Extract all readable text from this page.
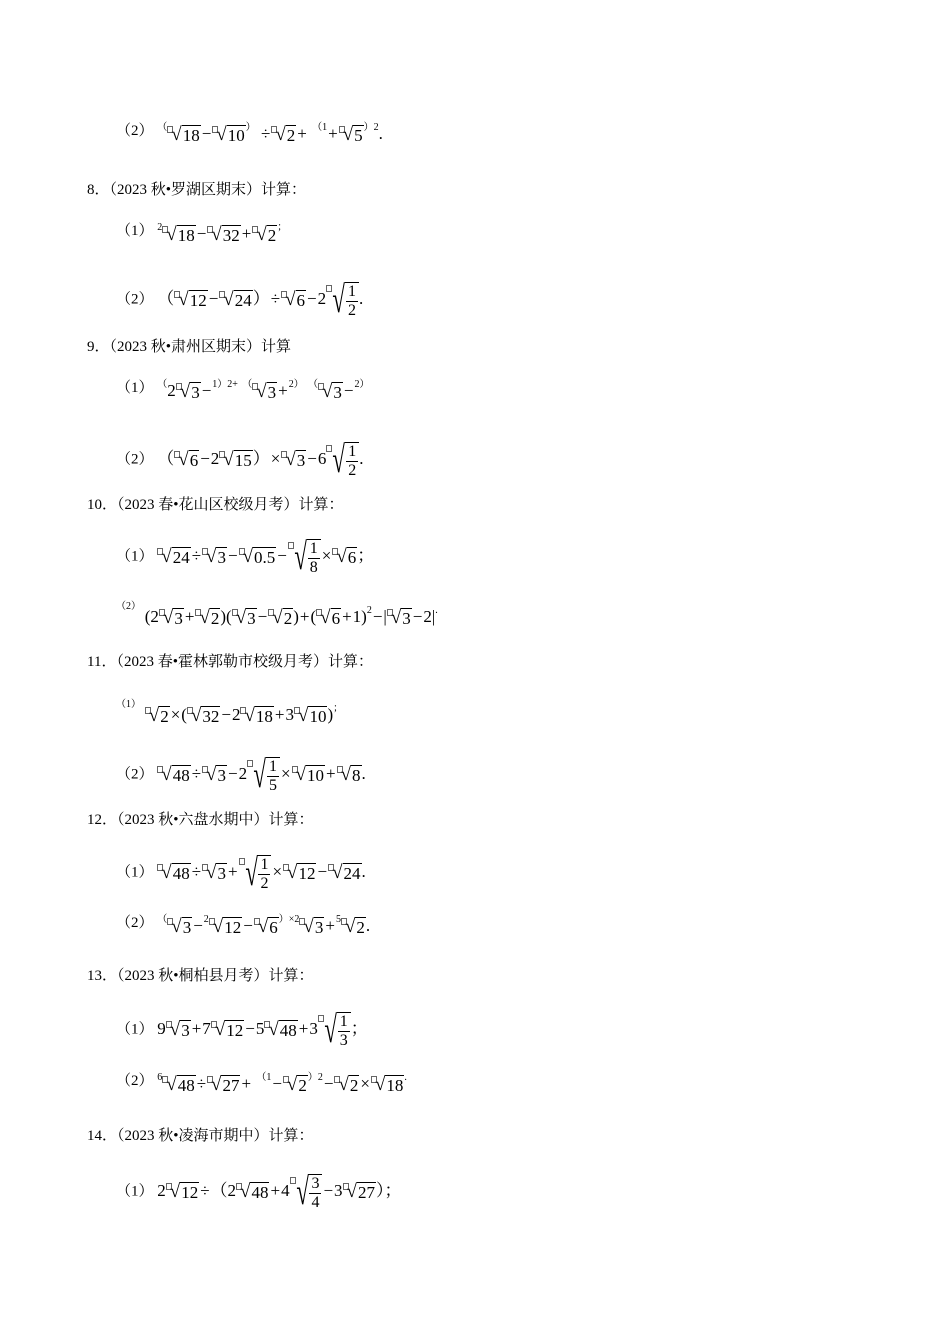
（2） （ √ 18 − √ 10 ） ÷ √ 2 + $^{(1}$+ √ 5 $^{)2}$.
8．（2023 秋•罗湖区期末）计算：
（1） $^2$ √ 18 − √ 32 + √ 2 ；
（2） （ √ 12 − √ 24 ）÷ √ 6 −2 √ $\frac{1}{2}$ .
9．（2023 秋•肃州区期末）计算
（1） （2 √ 3 −$^{1)2+}$ （ √ 3 +$^{2)}$ （ √ 3 −$^{2)}$
（2） （ √ 6 −2 √ 15 ）× √ 3 −6 √ $\frac{1}{2}$ .
10．（2023 春•花山区校级月考）计算：
（1） √ 24 ÷ √ 3 − √ 0.5 − √ $\frac{1}{8}$ × √ 6 ；
$^{(2)}$ (2 √ 3 + √ 2 )( √ 3 − √ 2 )+( √ 6 +1)$^2$−| √ 3 −2|.
11．（2023 春•霍林郭勒市校级月考）计算：
$^{(1)}$
√ 2 ×( √ 32 −2 √ 18 +3 √ 10 )；
（2） √ 48 ÷ √ 3 −2 √ $\frac{1}{5}$ × √ 10 + √ 8 .
12．（2023 秋•六盘水期中）计算：
（1） √ 48 ÷ √ 3 + √ $\frac{1}{2}$ × √ 12 − √ 24 .
（2） （ √ 3 −$^2$ √ 12 − √ 6 $^{)\times 2}$ √ 3 +$^5$ √ 2 .
13．（2023 秋•桐柏县月考）计算：
（1） 9 √ 3 +7 √ 12 −5 √ 48 +3 √ $\frac{1}{3}$ ；
（2） $^6$ √ 48 ÷ √ 27 + $^{(1}$− √ 2 $^{)2}$− √ 2 × √ 18 .
14．（2023 秋•凌海市期中）计算：
（1） 2 √ 12 ÷（2 √ 48 +4 √ $\frac{3}{4} -3$ √ 27 ）；
